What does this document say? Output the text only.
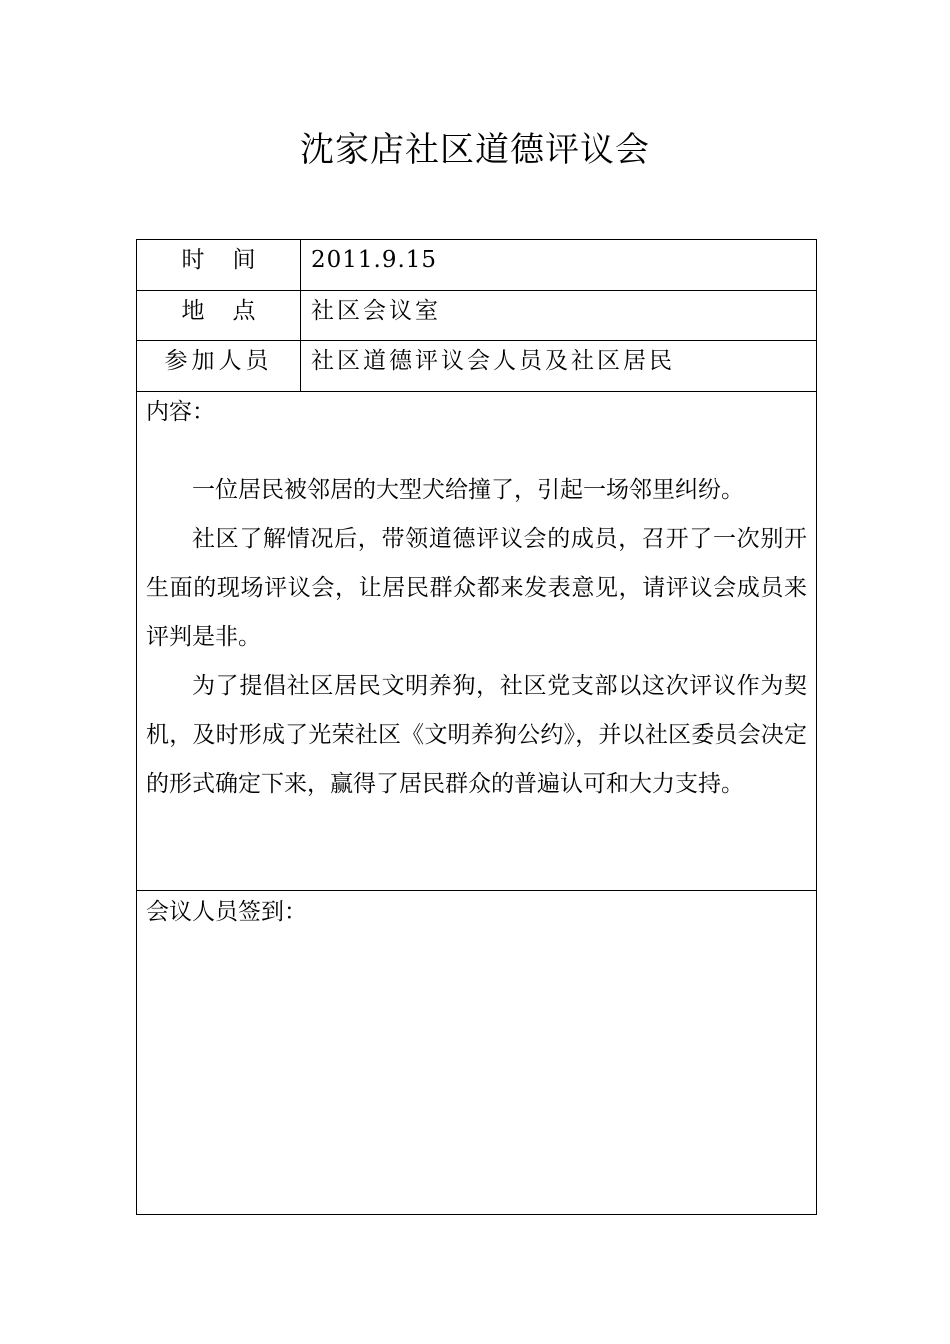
沈家店社区道德评议会
时间	2011.9.15
地点	社区会议室
参加人员	社区道德评议会人员及社区居民
内容：

一位居民被邻居的大型犬给撞了，引起一场邻里纠纷。

社区了解情况后，带领道德评议会的成员，召开了一次别开生面的现场评议会，让居民群众都来发表意见，请评议会成员来评判是非。

为了提倡社区居民文明养狗，社区党支部以这次评议作为契机，及时形成了光荣社区《文明养狗公约》，并以社区委员会决定的形式确定下来，赢得了居民群众的普遍认可和大力支持。

会议人员签到：
